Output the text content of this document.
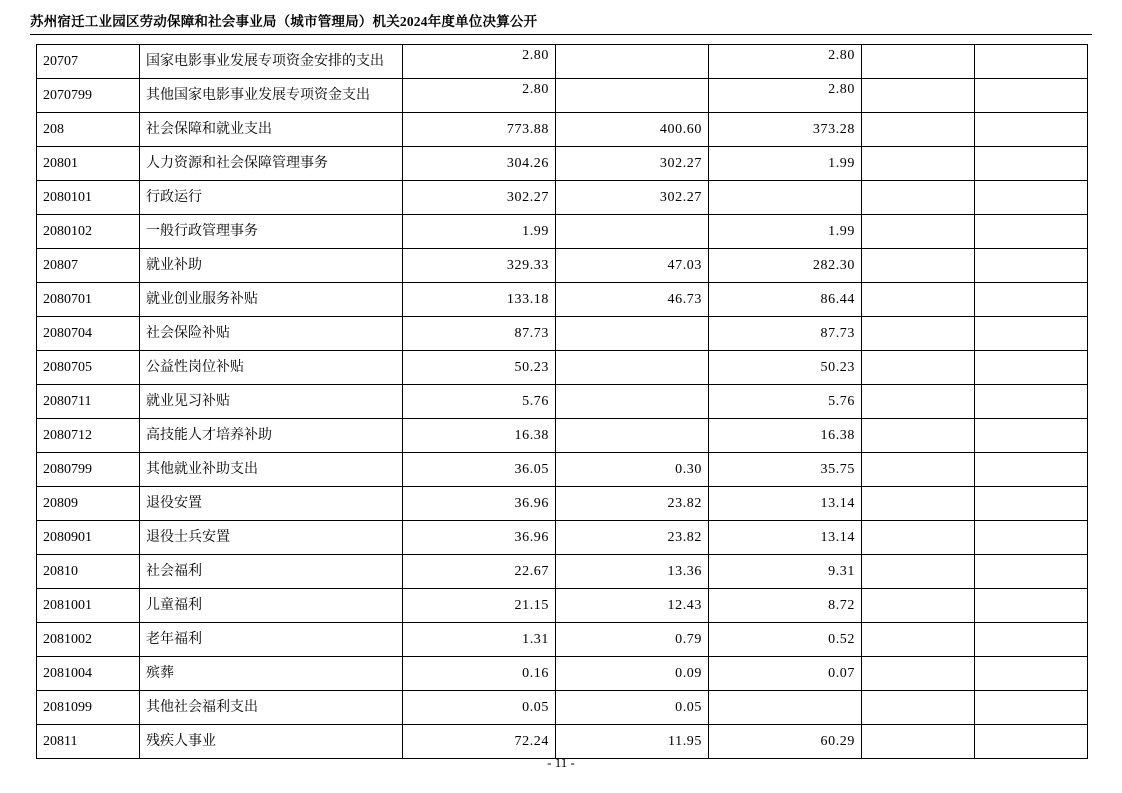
苏州宿迁工业园区劳动保障和社会事业局（城市管理局）机关2024年度单位决算公开
20707	国家电影事业发展专项资金安排的支出	2.80		2.80		
2070799	其他国家电影事业发展专项资金支出	2.80		2.80		
208	社会保障和就业支出	773.88	400.60	373.28		
20801	人力资源和社会保障管理事务	304.26	302.27	1.99		
2080101	行政运行	302.27	302.27			
2080102	一般行政管理事务	1.99		1.99		
20807	就业补助	329.33	47.03	282.30		
2080701	就业创业服务补贴	133.18	46.73	86.44		
2080704	社会保险补贴	87.73		87.73		
2080705	公益性岗位补贴	50.23		50.23		
2080711	就业见习补贴	5.76		5.76		
2080712	高技能人才培养补助	16.38		16.38		
2080799	其他就业补助支出	36.05	0.30	35.75		
20809	退役安置	36.96	23.82	13.14		
2080901	退役士兵安置	36.96	23.82	13.14		
20810	社会福利	22.67	13.36	9.31		
2081001	儿童福利	21.15	12.43	8.72		
2081002	老年福利	1.31	0.79	0.52		
2081004	殡葬	0.16	0.09	0.07		
2081099	其他社会福利支出	0.05	0.05			
20811	残疾人事业	72.24	11.95	60.29		
- 11 -
